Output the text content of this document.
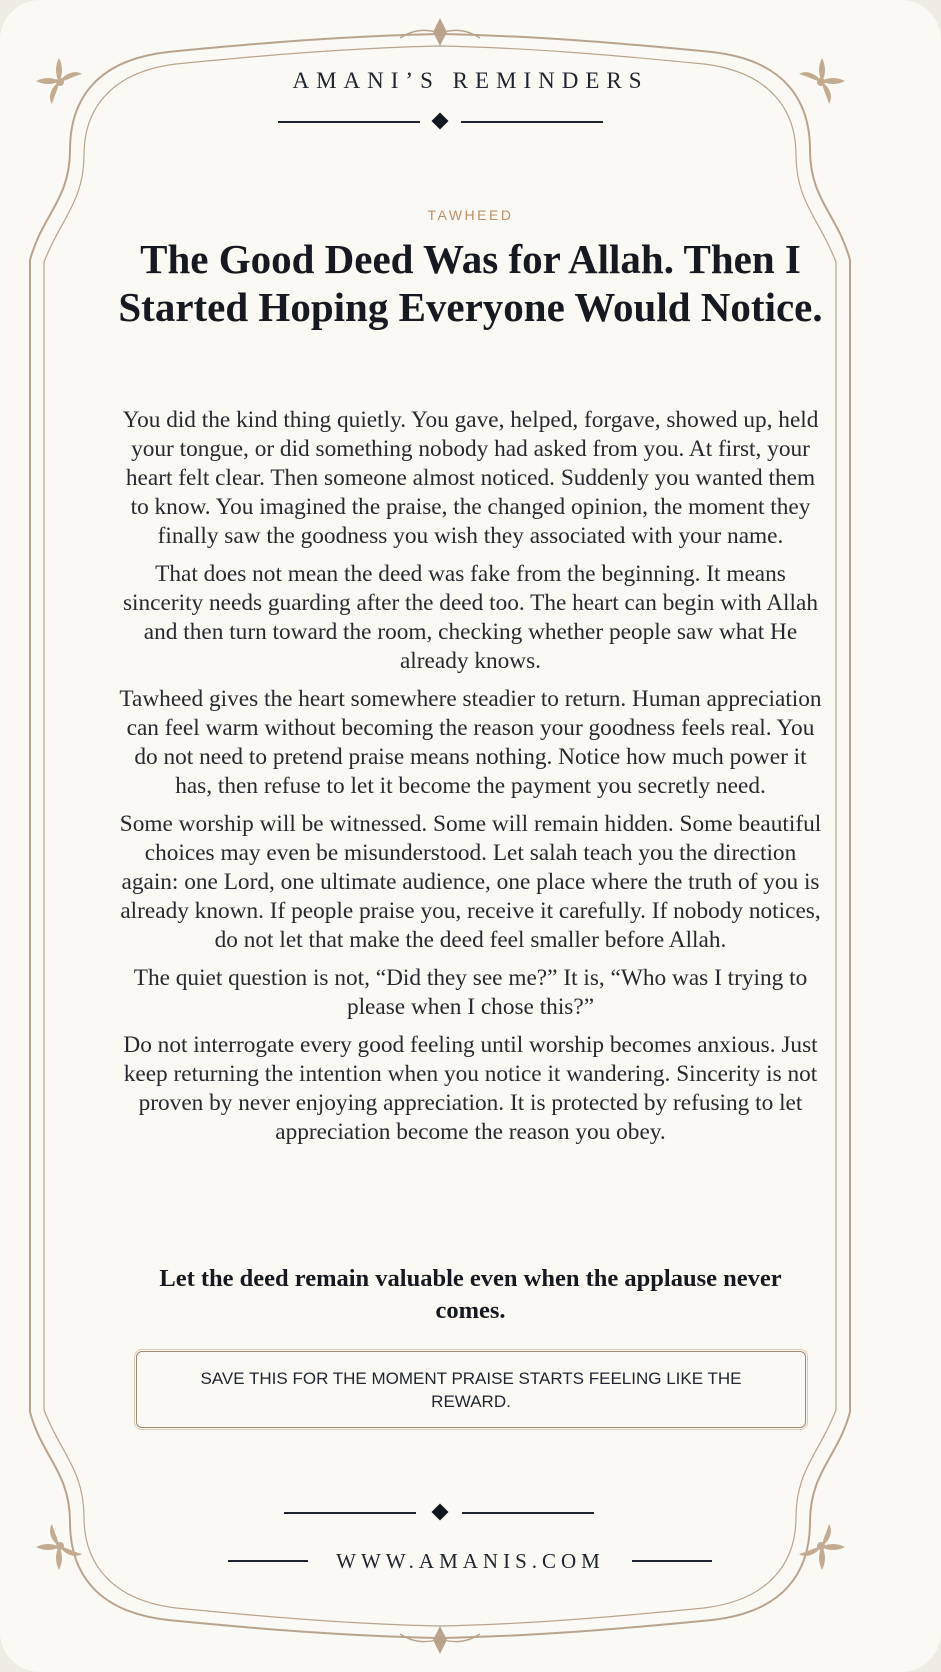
AMANI’S REMINDERS
TAWHEED
The Good Deed Was for Allah. Then I Started Hoping Everyone Would Notice.

You did the kind thing quietly. You gave, helped, forgave, showed up, held your tongue, or did something nobody had asked from you. At first, your heart felt clear. Then someone almost noticed. Suddenly you wanted them to know. You imagined the praise, the changed opinion, the moment they finally saw the goodness you wish they associated with your name.

That does not mean the deed was fake from the beginning. It means sincerity needs guarding after the deed too. The heart can begin with Allah and then turn toward the room, checking whether people saw what He already knows.

Tawheed gives the heart somewhere steadier to return. Human appreciation can feel warm without becoming the reason your goodness feels real. You do not need to pretend praise means nothing. Notice how much power it has, then refuse to let it become the payment you secretly need.

Some worship will be witnessed. Some will remain hidden. Some beautiful choices may even be misunderstood. Let salah teach you the direction again: one Lord, one ultimate audience, one place where the truth of you is already known. If people praise you, receive it carefully. If nobody notices, do not let that make the deed feel smaller before Allah.

The quiet question is not, “Did they see me?” It is, “Who was I trying to please when I chose this?”

Do not interrogate every good feeling until worship becomes anxious. Just keep returning the intention when you notice it wandering. Sincerity is not proven by never enjoying appreciation. It is protected by refusing to let appreciation become the reason you obey.

Let the deed remain valuable even when the applause never comes.
SAVE THIS FOR THE MOMENT PRAISE STARTS FEELING LIKE THE REWARD.
WWW.AMANIS.COM
